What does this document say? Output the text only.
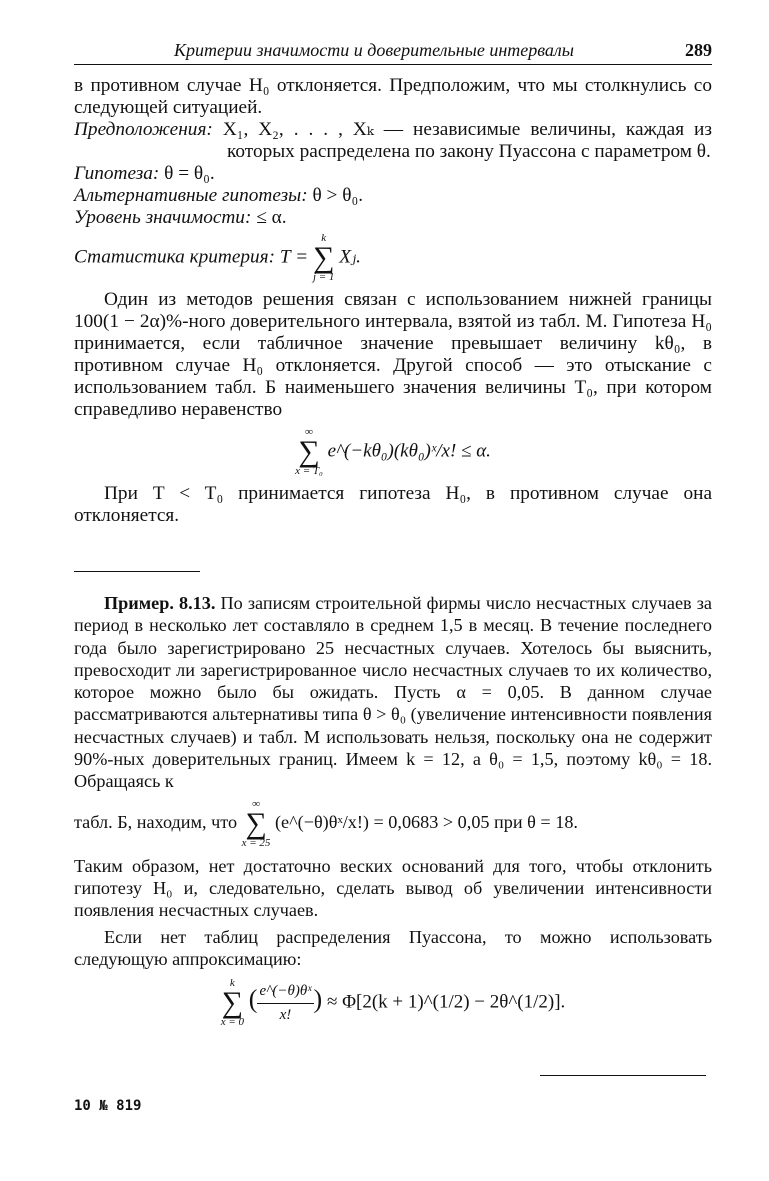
Критерии значимости и доверительные интервалы	289

в противном случае H₀ отклоняется. Предположим, что мы столкнулись со следующей ситуацией.

Предположения: X₁, X₂, . . . , Xₖ — независимые величины, каждая из которых распределена по закону Пуассона с параметром θ.

Гипотеза: θ = θ₀.

Альтернативные гипотезы: θ > θ₀.

Уровень значимости: ≤ α.

Статистика критерия: T =
k
∑
j = 1
Xⱼ.

Один из методов решения связан с использованием нижней границы 100(1 − 2α)%-ного доверительного интервала, взятой из табл. М. Гипотеза H₀ принимается, если табличное значение превышает величину kθ₀, в противном случае H₀ отклоняется. Другой способ — это отыскание с использованием табл. Б наименьшего значения величины T₀, при котором справедливо неравенство

∞
∑
x = T₀
e^(−kθ₀)(kθ₀)ˣ/x! ≤ α.

При T < T₀ принимается гипотеза H₀, в противном случае она отклоняется.

Пример. 8.13. По записям строительной фирмы число несчастных случаев за период в несколько лет составляло в среднем 1,5 в месяц. В течение последнего года было зарегистрировано 25 несчастных случаев. Хотелось бы выяснить, превосходит ли зарегистрированное число несчастных случаев то их количество, которое можно было бы ожидать. Пусть α = 0,05. В данном случае рассматриваются альтернативы типа θ > θ₀ (увеличение интенсивности появления несчастных случаев) и табл. М использовать нельзя, поскольку она не содержит 90%-ных доверительных границ. Имеем k = 12, а θ₀ = 1,5, поэтому kθ₀ = 18. Обращаясь к

табл. Б, находим, что
∞
∑
x = 25
(e^(−θ)θˣ/x!) = 0,0683 > 0,05 при θ = 18.

Таким образом, нет достаточно веских оснований для того, чтобы отклонить гипотезу H₀ и, следовательно, сделать вывод об увеличении интенсивности появления несчастных случаев.

Если нет таблиц распределения Пуассона, то можно использовать следующую аппроксимацию:

k
∑
x = 0
( $\frac{\text{e\textasciicircum{}(−θ)θˣ}}{x!}$ ) ≈ Φ[2(k + 1)^(1/2) − 2θ^(1/2)].
10 № 819
